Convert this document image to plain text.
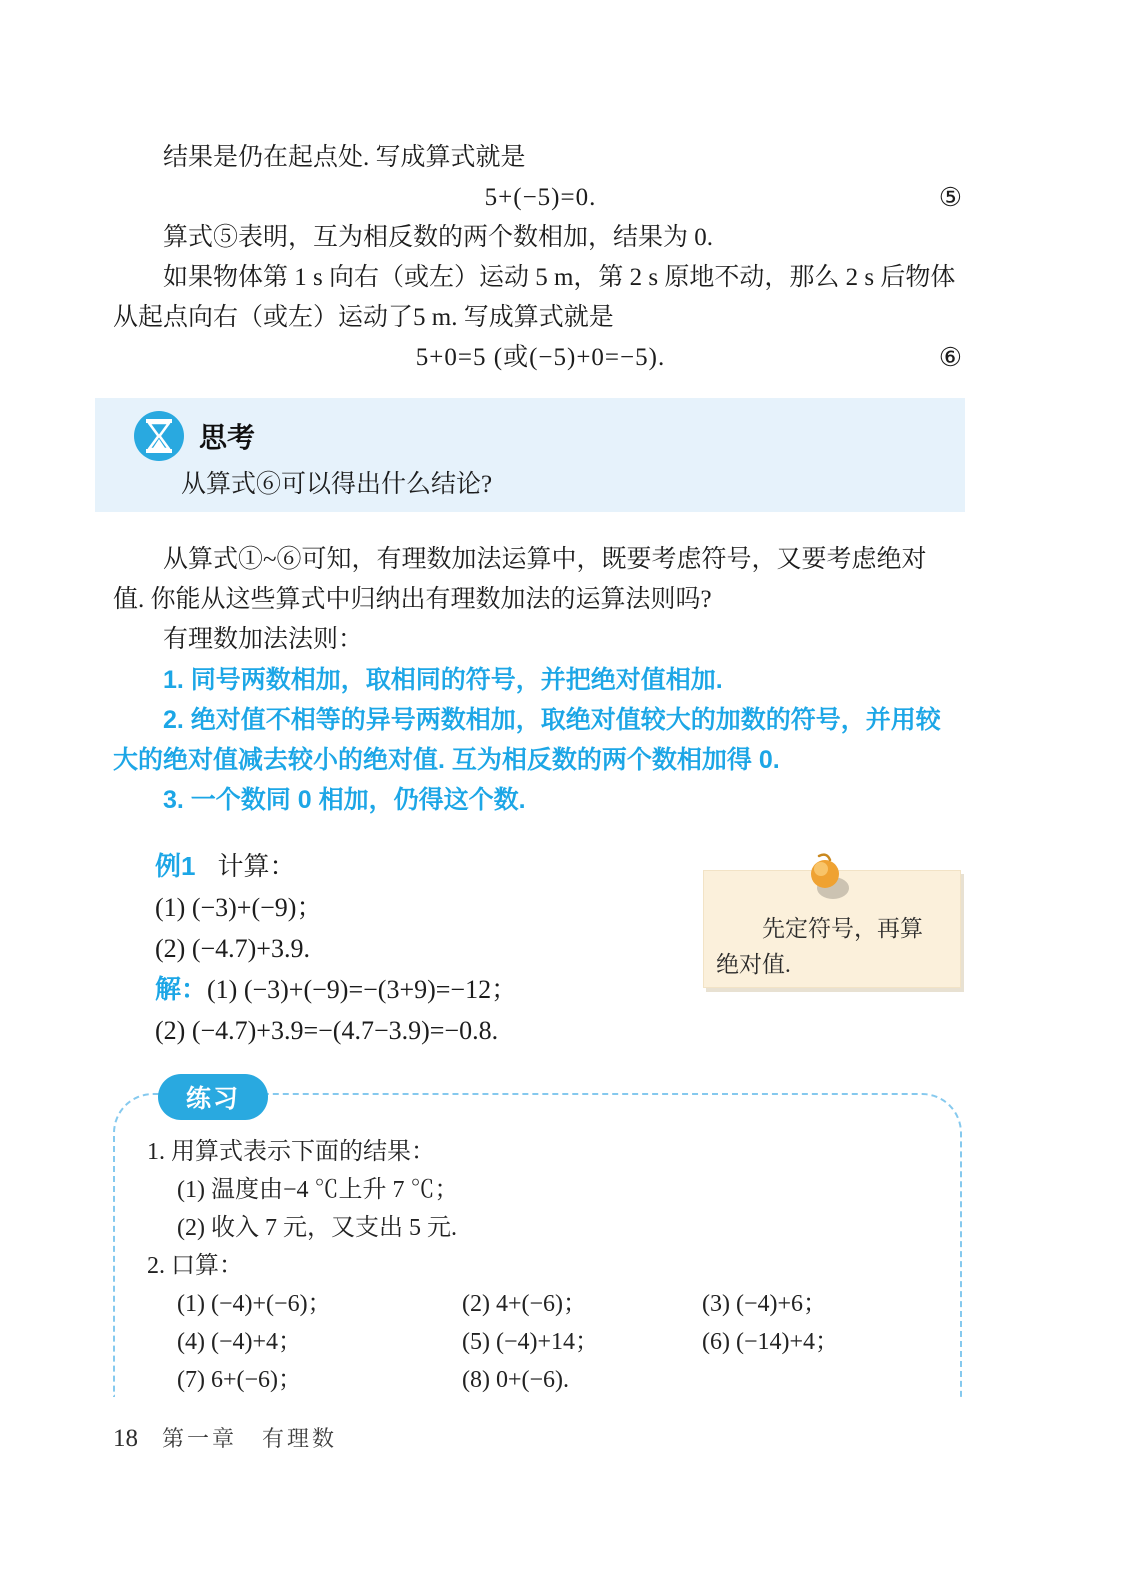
结果是仍在起点处. 写成算式就是

5+(−5)=0.	⑤

算式⑤表明，互为相反数的两个数相加，结果为 0.

如果物体第 1 s 向右（或左）运动 5 m，第 2 s 原地不动，那么 2 s 后物体

从起点向右（或左）运动了5 m. 写成算式就是

5+0=5 (或(−5)+0=−5).	⑥
思考

从算式⑥可以得出什么结论?

从算式①~⑥可知，有理数加法运算中，既要考虑符号，又要考虑绝对

值. 你能从这些算式中归纳出有理数加法的运算法则吗?

有理数加法法则：

1. 同号两数相加，取相同的符号，并把绝对值相加.

2. 绝对值不相等的异号两数相加，取绝对值较大的加数的符号，并用较

大的绝对值减去较小的绝对值. 互为相反数的两个数相加得 0.

3. 一个数同 0 相加，仍得这个数.

例1 计算：

(1) (−3)+(−9)；

(2) (−4.7)+3.9.

解：(1) (−3)+(−9)=−(3+9)=−12；

(2) (−4.7)+3.9=−(4.7−3.9)=−0.8.

先定符号，再算

绝对值.

练习

1. 用算式表示下面的结果：

(1) 温度由−4 ℃上升 7 ℃；

(2) 收入 7 元，又支出 5 元.

2. 口算：

(1) (−4)+(−6)；	(2) 4+(−6)；	(3) (−4)+6；
(4) (−4)+4；	(5) (−4)+14；	(6) (−14)+4；
(7) 6+(−6)；	(8) 0+(−6).
18 第一章　有理数
